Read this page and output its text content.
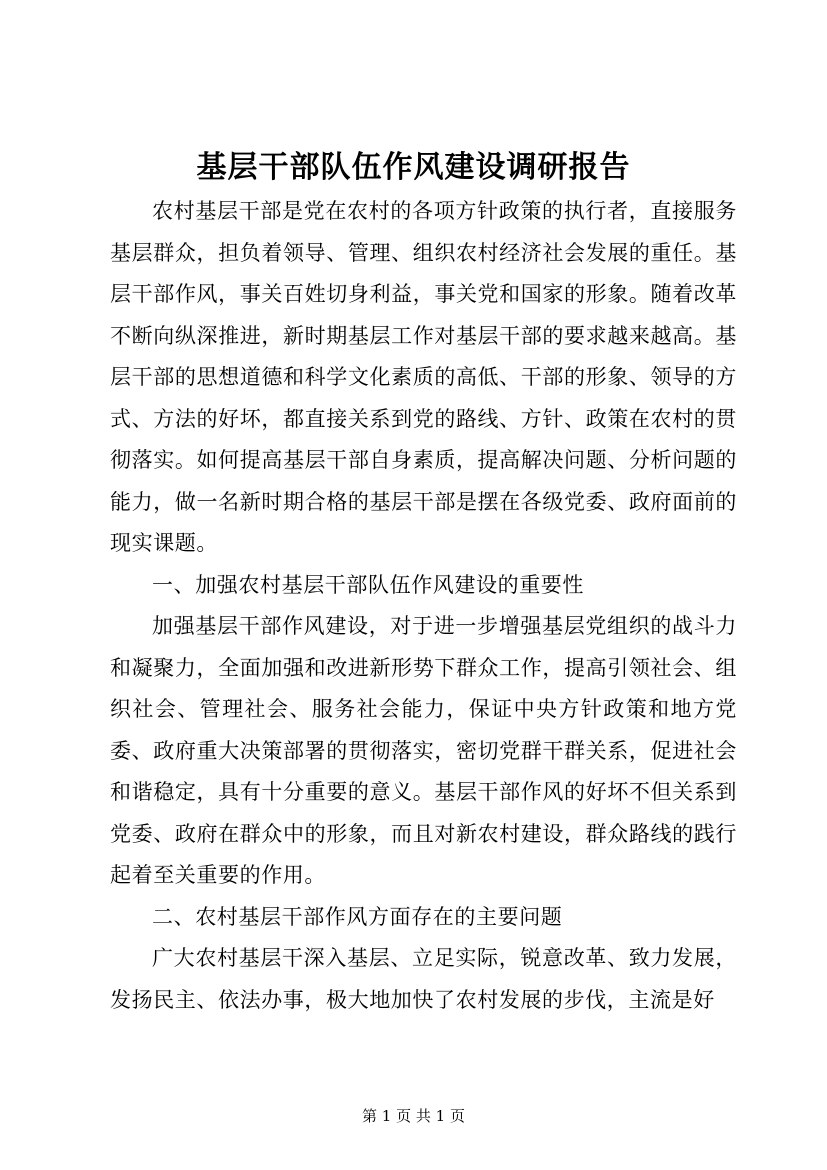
基层干部队伍作风建设调研报告

农村基层干部是党在农村的各项方针政策的执行者，直接服务基层群众，担负着领导、管理、组织农村经济社会发展的重任。基层干部作风，事关百姓切身利益，事关党和国家的形象。随着改革不断向纵深推进，新时期基层工作对基层干部的要求越来越高。基层干部的思想道德和科学文化素质的高低、干部的形象、领导的方式、方法的好坏，都直接关系到党的路线、方针、政策在农村的贯彻落实。如何提高基层干部自身素质，提高解决问题、分析问题的能力，做一名新时期合格的基层干部是摆在各级党委、政府面前的现实课题。

一、加强农村基层干部队伍作风建设的重要性

加强基层干部作风建设，对于进一步增强基层党组织的战斗力和凝聚力，全面加强和改进新形势下群众工作，提高引领社会、组织社会、管理社会、服务社会能力，保证中央方针政策和地方党委、政府重大决策部署的贯彻落实，密切党群干群关系，促进社会和谐稳定，具有十分重要的意义。基层干部作风的好坏不但关系到党委、政府在群众中的形象，而且对新农村建设，群众路线的践行起着至关重要的作用。

二、农村基层干部作风方面存在的主要问题

广大农村基层干深入基层、立足实际，锐意改革、致力发展，发扬民主、依法办事，极大地加快了农村发展的步伐，主流是好

第 1 页 共 1 页
